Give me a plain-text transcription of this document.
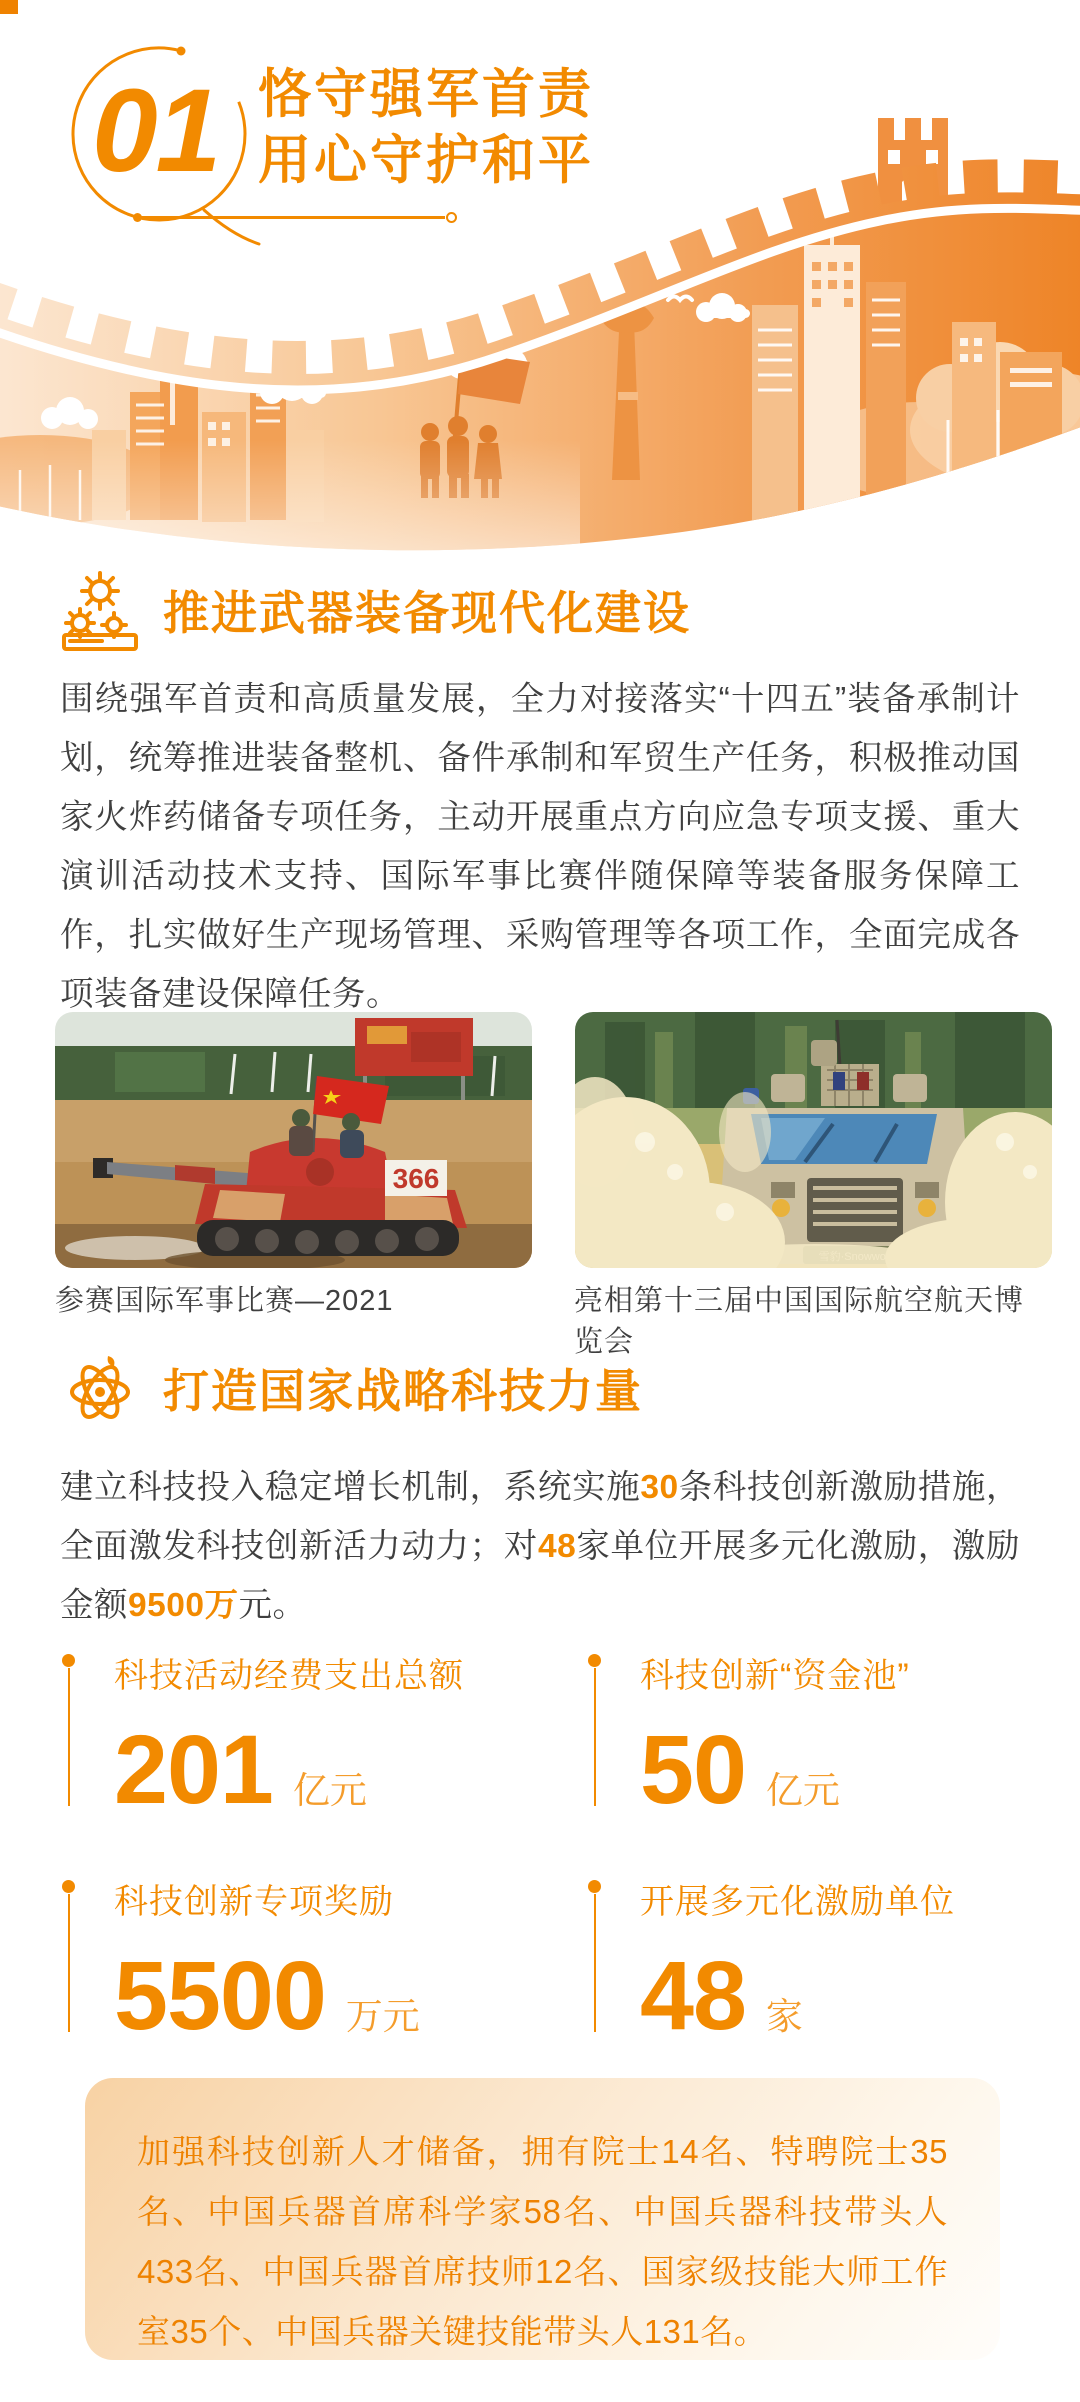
01 恪守强军首责
用心守护和平
推进武器装备现代化建设

围绕强军首责和高质量发展，全力对接落实“十四五”装备承制计划，统筹推进装备整机、备件承制和军贸生产任务，积极推动国家火炸药储备专项任务，主动开展重点方向应急专项支援、重大演训活动技术支持、国际军事比赛伴随保障等装备服务保障工作，扎实做好生产现场管理、采购管理等各项工作，全面完成各项装备建设保障任务。

366
参赛国际军事比赛—2021	亮相第十三届中国国际航空航天博览会
打造国家战略科技力量

建立科技投入稳定增长机制，系统实施30条科技创新激励措施，全面激发科技创新活力动力；对48家单位开展多元化激励，激励金额9500万元。

科技活动经费支出总额
201 亿元
科技创新“资金池”
50 亿元
科技创新专项奖励
5500 万元
开展多元化激励单位
48 家
加强科技创新人才储备，拥有院士14名、特聘院士35名、中国兵器首席科学家58名、中国兵器科技带头人433名、中国兵器首席技师12名、国家级技能大师工作室35个、中国兵器关键技能带头人131名。
